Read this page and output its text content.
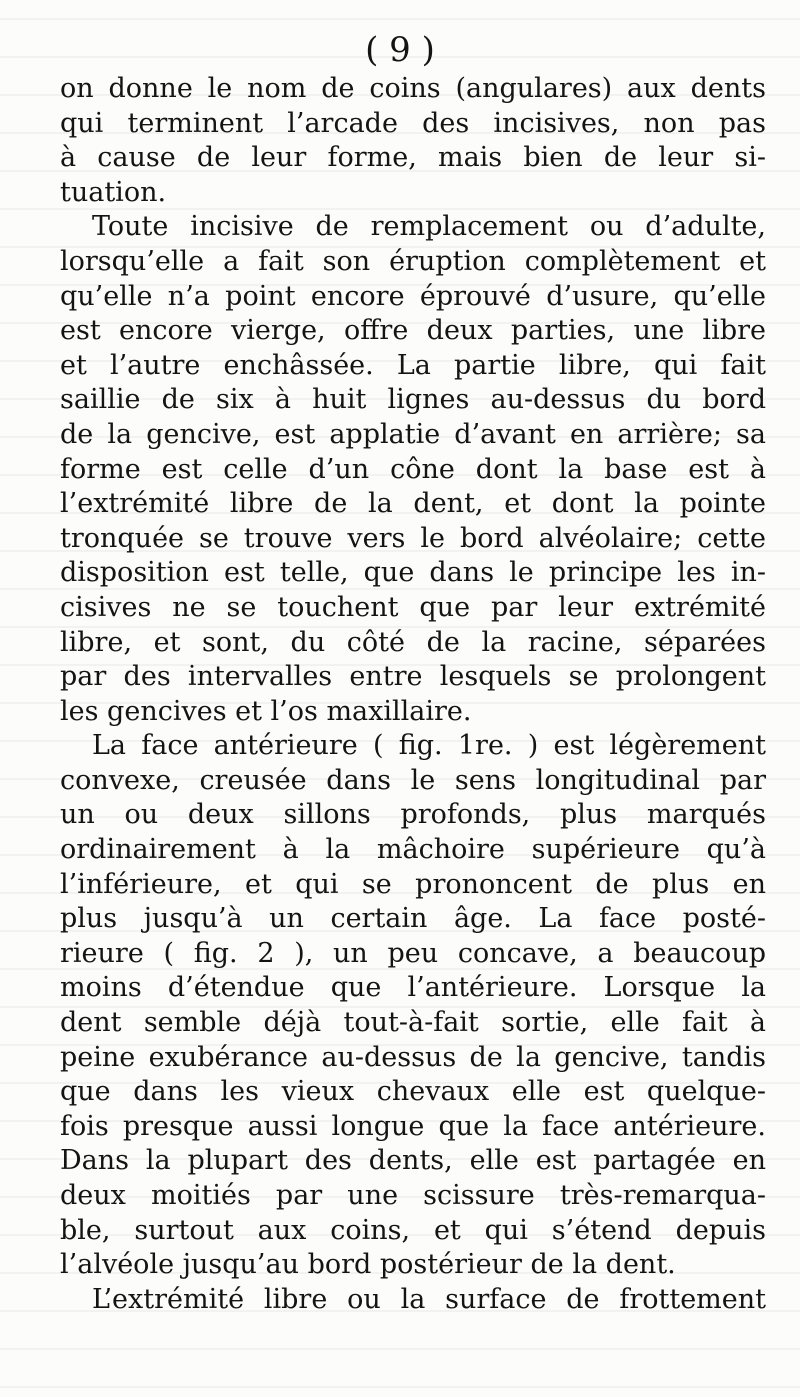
( 9 )
on donne le nom de coins (angulares) aux dents
qui terminent l’arcade des incisives, non pas
à cause de leur forme, mais bien de leur si-
tuation.
Toute incisive de remplacement ou d’adulte,
lorsqu’elle a fait son éruption complètement et
qu’elle n’a point encore éprouvé d’usure, qu’elle
est encore vierge, offre deux parties, une libre
et l’autre enchâssée. La partie libre, qui fait
saillie de six à huit lignes au-dessus du bord
de la gencive, est applatie d’avant en arrière; sa
forme est celle d’un cône dont la base est à
l’extrémité libre de la dent, et dont la pointe
tronquée se trouve vers le bord alvéolaire; cette
disposition est telle, que dans le principe les in-
cisives ne se touchent que par leur extrémité
libre, et sont, du côté de la racine, séparées
par des intervalles entre lesquels se prolongent
les gencives et l’os maxillaire.
La face antérieure ( fig. 1re. ) est légèrement
convexe, creusée dans le sens longitudinal par
un ou deux sillons profonds, plus marqués
ordinairement à la mâchoire supérieure qu’à
l’inférieure, et qui se prononcent de plus en
plus jusqu’à un certain âge. La face posté-
rieure ( fig. 2 ), un peu concave, a beaucoup
moins d’étendue que l’antérieure. Lorsque la
dent semble déjà tout-à-fait sortie, elle fait à
peine exubérance au-dessus de la gencive, tandis
que dans les vieux chevaux elle est quelque-
fois presque aussi longue que la face antérieure.
Dans la plupart des dents, elle est partagée en
deux moitiés par une scissure très-remarqua-
ble, surtout aux coins, et qui s’étend depuis
l’alvéole jusqu’au bord postérieur de la dent.
L’extrémité libre ou la surface de frottement
